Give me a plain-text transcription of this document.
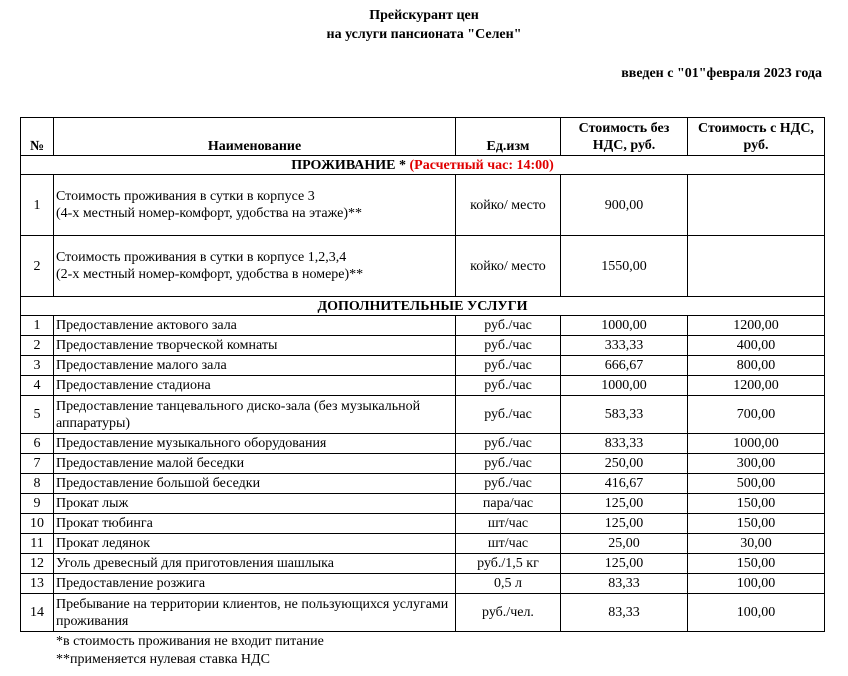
Прейскурант цен
на услуги пансионата "Селен"
введен с "01"февраля 2023 года
№	Наименование	Ед.изм	Стоимость без НДС, руб.	Стоимость с НДС, руб.
ПРОЖИВАНИЕ * (Расчетный час: 14:00)				
1	Стоимость проживания в сутки в корпусе 3
(4-х местный номер-комфорт, удобства на этаже)**	койко/ место	900,00	
2	Стоимость проживания в сутки в корпусе 1,2,3,4
(2-х местный номер-комфорт, удобства в номере)**	койко/ место	1550,00	
ДОПОЛНИТЕЛЬНЫЕ УСЛУГИ				
1	Предоставление актового зала	руб./час	1000,00	1200,00
2	Предоставление творческой комнаты	руб./час	333,33	400,00
3	Предоставление малого зала	руб./час	666,67	800,00
4	Предоставление стадиона	руб./час	1000,00	1200,00
5	Предоставление танцевального диско-зала (без музыкальной аппаратуры)	руб./час	583,33	700,00
6	Предоставление музыкального оборудования	руб./час	833,33	1000,00
7	Предоставление малой беседки	руб./час	250,00	300,00
8	Предоставление большой беседки	руб./час	416,67	500,00
9	Прокат лыж	пара/час	125,00	150,00
10	Прокат тюбинга	шт/час	125,00	150,00
11	Прокат ледянок	шт/час	25,00	30,00
12	Уголь древесный для приготовления шашлыка	руб./1,5 кг	125,00	150,00
13	Предоставление розжига	0,5 л	83,33	100,00
14	Пребывание на территории клиентов, не пользующихся услугами проживания	руб./чел.	83,33	100,00
*в стоимость проживания не входит питание
**применяется нулевая ставка НДС
